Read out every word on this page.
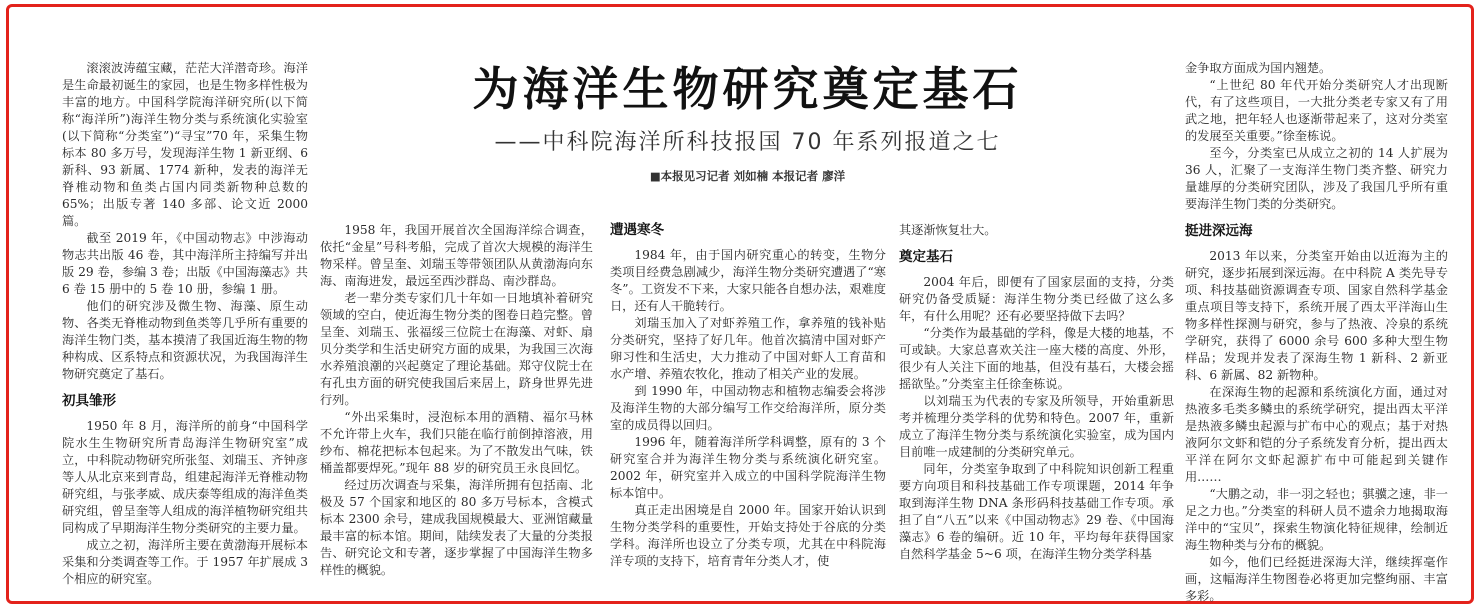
滚滚波涛蕴宝藏，茫茫大洋潜奇珍。海洋是生命最初诞生的家园，也是生物多样性极为丰富的地方。中国科学院海洋研究所(以下简称“海洋所”)海洋生物分类与系统演化实验室(以下简称“分类室”)“寻宝”70 年，采集生物标本 80 多万号，发现海洋生物 1 新亚纲、6 新科、93 新属、1774 新种，发表的海洋无脊椎动物和鱼类占国内同类新物种总数的 65%；出版专著 140 多部、论文近 2000 篇。

截至 2019 年，《中国动物志》中涉海动物志共出版 46 卷，其中海洋所主持编写并出版 29 卷，参编 3 卷；出版《中国海藻志》共 6 卷 15 册中的 5 卷 10 册，参编 1 册。

他们的研究涉及微生物、海藻、原生动物、各类无脊椎动物到鱼类等几乎所有重要的海洋生物门类，基本摸清了我国近海生物的物种构成、区系特点和资源状况，为我国海洋生物研究奠定了基石。

初具雏形

1950 年 8 月，海洋所的前身“中国科学院水生生物研究所青岛海洋生物研究室”成立，中科院动物研究所张玺、刘瑞玉、齐钟彦等人从北京来到青岛，组建起海洋无脊椎动物研究组，与张孝威、成庆泰等组成的海洋鱼类研究组，曾呈奎等人组成的海洋植物研究组共同构成了早期海洋生物分类研究的主要力量。

成立之初，海洋所主要在黄渤海开展标本采集和分类调查等工作。于 1957 年扩展成 3 个相应的研究室。

为海洋生物研究奠定基石
——中科院海洋所科技报国 70 年系列报道之七
■本报见习记者 刘如楠 本报记者 廖洋

1958 年，我国开展首次全国海洋综合调查，依托“金星”号科考船，完成了首次大规模的海洋生物采样。曾呈奎、刘瑞玉等带领团队从黄渤海向东海、南海进发，最远至西沙群岛、南沙群岛。

老一辈分类专家们几十年如一日地填补着研究领域的空白，使近海生物分类的图卷日趋完整。曾呈奎、刘瑞玉、张福绥三位院士在海藻、对虾、扇贝分类学和生活史研究方面的成果，为我国三次海水养殖浪潮的兴起奠定了理论基础。郑守仪院士在有孔虫方面的研究使我国后来居上，跻身世界先进行列。

“外出采集时，浸泡标本用的酒精、福尔马林不允许带上火车，我们只能在临行前倒掉溶液，用纱布、棉花把标本包起来。为了不散发出气味，铁桶盖都要焊死。”现年 88 岁的研究员王永良回忆。

经过历次调查与采集，海洋所拥有包括南、北极及 57 个国家和地区的 80 多万号标本，含模式标本 2300 余号，建成我国规模最大、亚洲馆藏量最丰富的标本馆。期间，陆续发表了大量的分类报告、研究论文和专著，逐步掌握了中国海洋生物多样性的概貌。

遭遇寒冬

1984 年，由于国内研究重心的转变，生物分类项目经费急剧减少，海洋生物分类研究遭遇了“寒冬”。工资发不下来，大家只能各自想办法，艰难度日，还有人干脆转行。

刘瑞玉加入了对虾养殖工作，拿养殖的钱补贴分类研究，坚持了好几年。他首次搞清中国对虾产卵习性和生活史，大力推动了中国对虾人工育苗和水产增、养殖农牧化，推动了相关产业的发展。

到 1990 年，中国动物志和植物志编委会将涉及海洋生物的大部分编写工作交给海洋所，原分类室的成员得以回归。

1996 年，随着海洋所学科调整，原有的 3 个研究室合并为海洋生物分类与系统演化研究室。2002 年，研究室并入成立的中国科学院海洋生物标本馆中。

真正走出困境是自 2000 年。国家开始认识到生物分类学科的重要性，开始支持处于谷底的分类学科。海洋所也设立了分类专项，尤其在中科院海洋专项的支持下，培育青年分类人才，使

其逐渐恢复壮大。

奠定基石

2004 年后，即便有了国家层面的支持，分类研究仍备受质疑：海洋生物分类已经做了这么多年，有什么用呢？还有必要坚持做下去吗？

“分类作为最基础的学科，像是大楼的地基，不可或缺。大家总喜欢关注一座大楼的高度、外形，很少有人关注下面的地基，但没有基石，大楼会摇摇欲坠。”分类室主任徐奎栋说。

以刘瑞玉为代表的专家及所领导，开始重新思考并梳理分类学科的优势和特色。2007 年，重新成立了海洋生物分类与系统演化实验室，成为国内目前唯一成建制的分类研究单元。

同年，分类室争取到了中科院知识创新工程重要方向项目和科技基础工作专项课题，2014 年争取到海洋生物 DNA 条形码科技基础工作专项。承担了自“八五”以来《中国动物志》29 卷、《中国海藻志》6 卷的编研。近 10 年，平均每年获得国家自然科学基金 5~6 项，在海洋生物分类学科基

金争取方面成为国内翘楚。

“上世纪 80 年代开始分类研究人才出现断代，有了这些项目，一大批分类老专家又有了用武之地，把年轻人也逐渐带起来了，这对分类室的发展至关重要。”徐奎栋说。

至今，分类室已从成立之初的 14 人扩展为 36 人，汇聚了一支海洋生物门类齐整、研究力量雄厚的分类研究团队，涉及了我国几乎所有重要海洋生物门类的分类研究。

挺进深远海

2013 年以来，分类室开始由以近海为主的研究，逐步拓展到深远海。在中科院 A 类先导专项、科技基础资源调查专项、国家自然科学基金重点项目等支持下，系统开展了西太平洋海山生物多样性探测与研究，参与了热液、冷泉的系统学研究，获得了 6000 余号 600 多种大型生物样品；发现并发表了深海生物 1 新科、2 新亚科、6 新属、82 新物种。

在深海生物的起源和系统演化方面，通过对热液多毛类多鳞虫的系统学研究，提出西太平洋是热液多鳞虫起源与扩布中心的观点；基于对热液阿尔文虾和铠的分子系统发育分析，提出西太平洋在阿尔文虾起源扩布中可能起到关键作用……

“大鹏之动，非一羽之轻也；骐骥之速，非一足之力也。”分类室的科研人员不遗余力地揭取海洋中的“宝贝”，探索生物演化特征规律，绘制近海生物种类与分布的概貌。

如今，他们已经挺进深海大洋，继续挥毫作画，这幅海洋生物图卷必将更加完整绚丽、丰富多彩。
